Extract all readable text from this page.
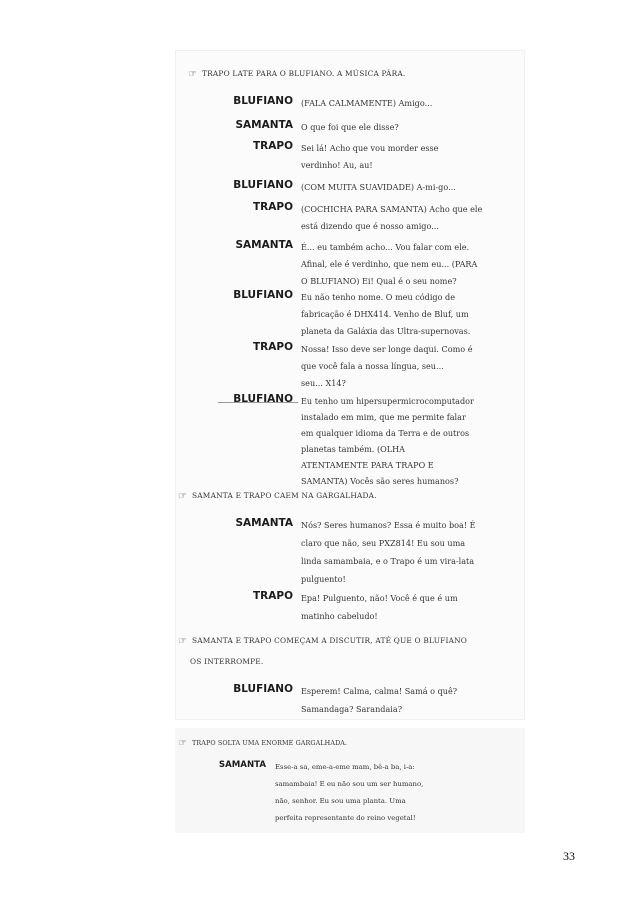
☞ TRAPO LATE PARA O BLUFIANO. A MÚSICA PÁRA.
BLUFIANO (FALA CALMAMENTE) Amigo...
SAMANTA O que foi que ele disse?
TRAPO Sei lá! Acho que vou morder esse
verdinho! Au, au!
BLUFIANO (COM MUITA SUAVIDADE) A-mi-go...
TRAPO (COCHICHA PARA SAMANTA) Acho que ele
está dizendo que é nosso amigo...
SAMANTA É... eu também acho... Vou falar com ele.
Afinal, ele é verdinho, que nem eu... (PARA
O BLUFIANO) Ei! Qual é o seu nome?
BLUFIANO Eu não tenho nome. O meu código de
fabricação é DHX414. Venho de Bluf, um
planeta da Galáxia das Ultra-supernovas.
TRAPO Nossa! Isso deve ser longe daqui. Como é
que você fala a nossa língua, seu...
seu... X14?
BLUFIANO Eu tenho um hipersupermicrocomputador
instalado em mim, que me permite falar
em qualquer idioma da Terra e de outros
planetas também. (OLHA
ATENTAMENTE PARA TRAPO E
SAMANTA) Vocês são seres humanos?
☞ SAMANTA E TRAPO CAEM NA GARGALHADA.
SAMANTA Nós? Seres humanos? Essa é muito boa! É
claro que não, seu PXZ814! Eu sou uma
linda samambaia, e o Trapo é um vira-lata
pulguento!
TRAPO Epa! Pulguento, não! Você é que é um
matinho cabeludo!
☞ SAMANTA E TRAPO COMEÇAM A DISCUTIR, ATÉ QUE O BLUFIANO
OS INTERROMPE.
BLUFIANO Esperem! Calma, calma! Samá o quê?
Samandaga? Sarandaia?
☞ TRAPO SOLTA UMA ENORME GARGALHADA.
SAMANTA Esse-a sa, eme-a-eme mam, bê-a ba, i-a:
samambaia! E eu não sou um ser humano,
não, senhor. Eu sou uma planta. Uma
perfeita representante do reino vegetal!
33
